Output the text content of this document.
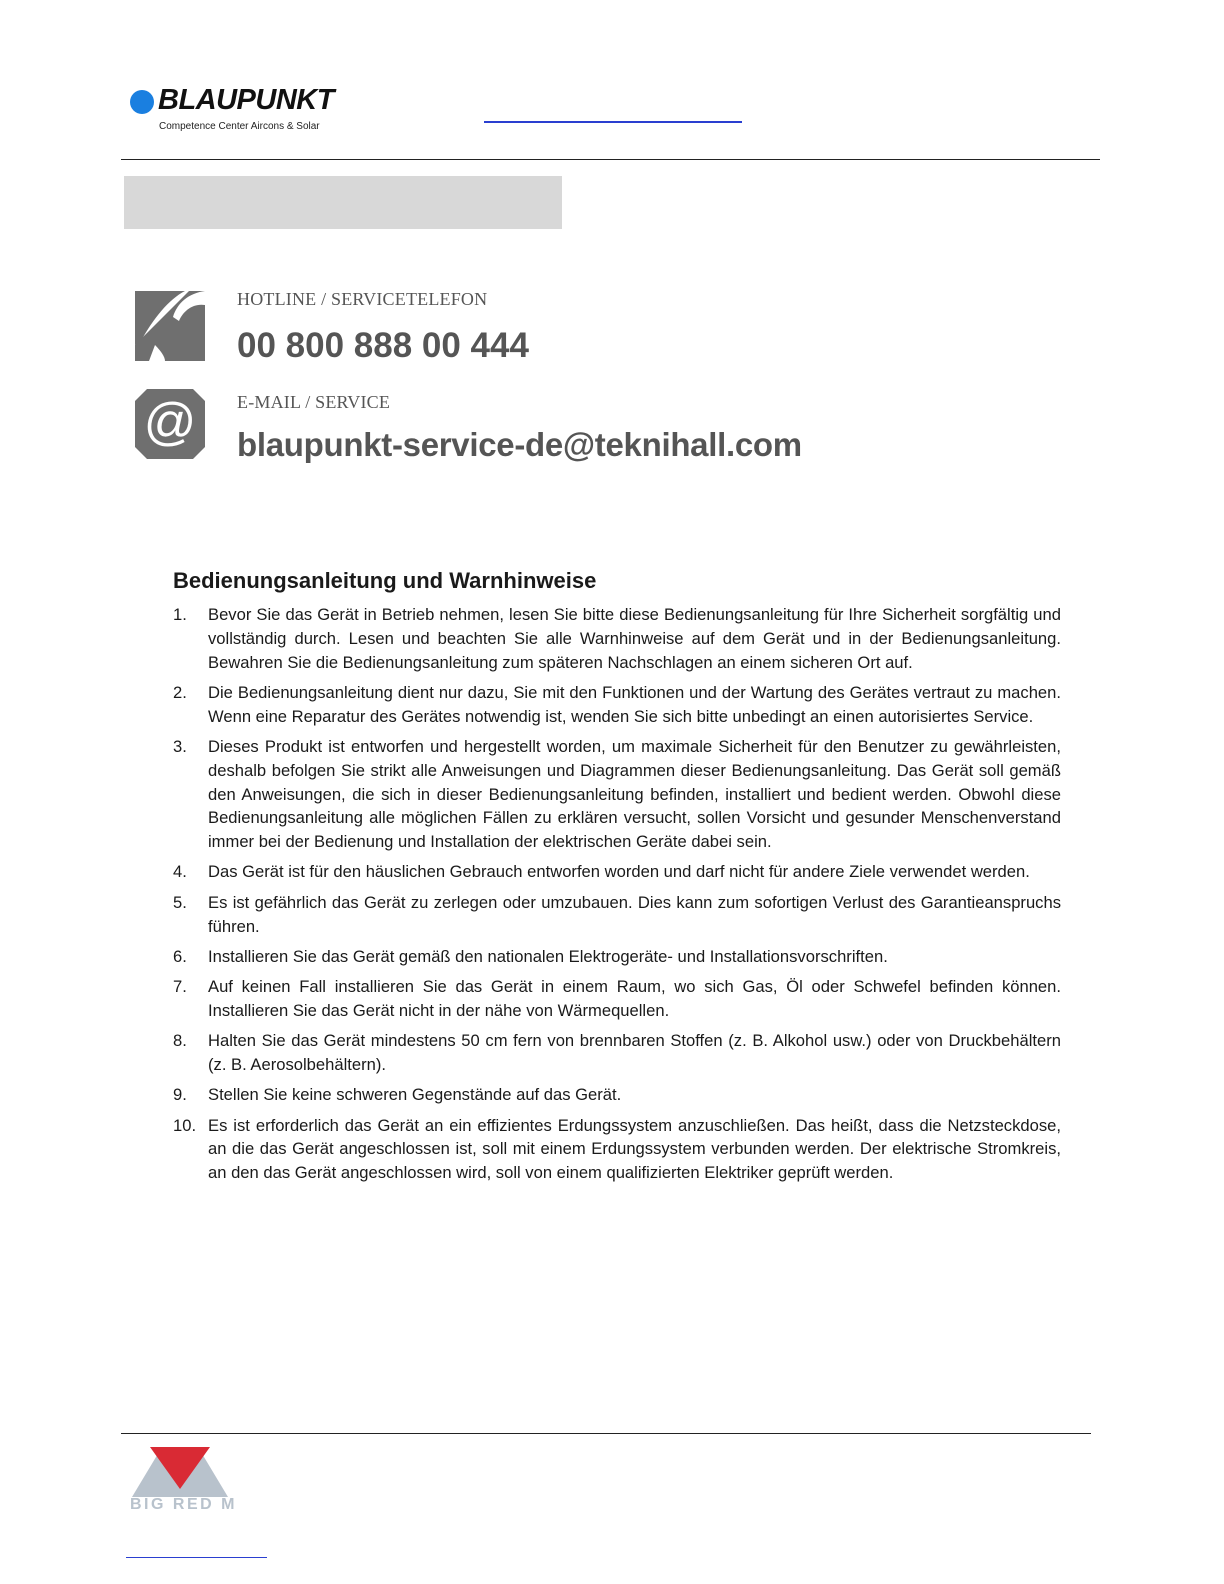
BLAUPUNKT
Competence Center Aircons & Solar
HOTLINE / SERVICETELEFON
00 800 888 00 444
@ E-MAIL / SERVICE
blaupunkt-service-de@teknihall.com
Bedienungsanleitung und Warnhinweise
1. Bevor Sie das Gerät in Betrieb nehmen, lesen Sie bitte diese Bedienungsanleitung für Ihre Sicherheit sorgfältig und vollständig durch. Lesen und beachten Sie alle Warnhinweise auf dem Gerät und in der Bedienungsanleitung. Bewahren Sie die Bedienungsanleitung zum späteren Nachschlagen an einem sicheren Ort auf.
2. Die Bedienungsanleitung dient nur dazu, Sie mit den Funktionen und der Wartung des Gerätes vertraut zu machen. Wenn eine Reparatur des Gerätes notwendig ist, wenden Sie sich bitte unbedingt an einen autorisiertes Service.
3. Dieses Produkt ist entworfen und hergestellt worden, um maximale Sicherheit für den Benutzer zu gewährleisten, deshalb befolgen Sie strikt alle Anweisungen und Diagrammen dieser Bedienungsanleitung. Das Gerät soll gemäß den Anweisungen, die sich in dieser Bedienungsanleitung befinden, installiert und bedient werden. Obwohl diese Bedienungsanleitung alle möglichen Fällen zu erklären versucht, sollen Vorsicht und gesunder Menschenverstand immer bei der Bedienung und Installation der elektrischen Geräte dabei sein.
4. Das Gerät ist für den häuslichen Gebrauch entworfen worden und darf nicht für andere Ziele verwendet werden.
5. Es ist gefährlich das Gerät zu zerlegen oder umzubauen. Dies kann zum sofortigen Verlust des Garantieanspruchs führen.
6. Installieren Sie das Gerät gemäß den nationalen Elektrogeräte- und Installationsvorschriften.
7. Auf keinen Fall installieren Sie das Gerät in einem Raum, wo sich Gas, Öl oder Schwefel befinden können. Installieren Sie das Gerät nicht in der nähe von Wärmequellen.
8. Halten Sie das Gerät mindestens 50 cm fern von brennbaren Stoffen (z. B. Alkohol usw.) oder von Druckbehältern (z. B. Aerosolbehältern).
9. Stellen Sie keine schweren Gegenstände auf das Gerät.
10. Es ist erforderlich das Gerät an ein effizientes Erdungssystem anzuschließen. Das heißt, dass die Netzsteckdose, an die das Gerät angeschlossen ist, soll mit einem Erdungssystem verbunden werden. Der elektrische Stromkreis, an den das Gerät angeschlossen wird, soll von einem qualifizierten Elektriker geprüft werden.
BIG RED M
